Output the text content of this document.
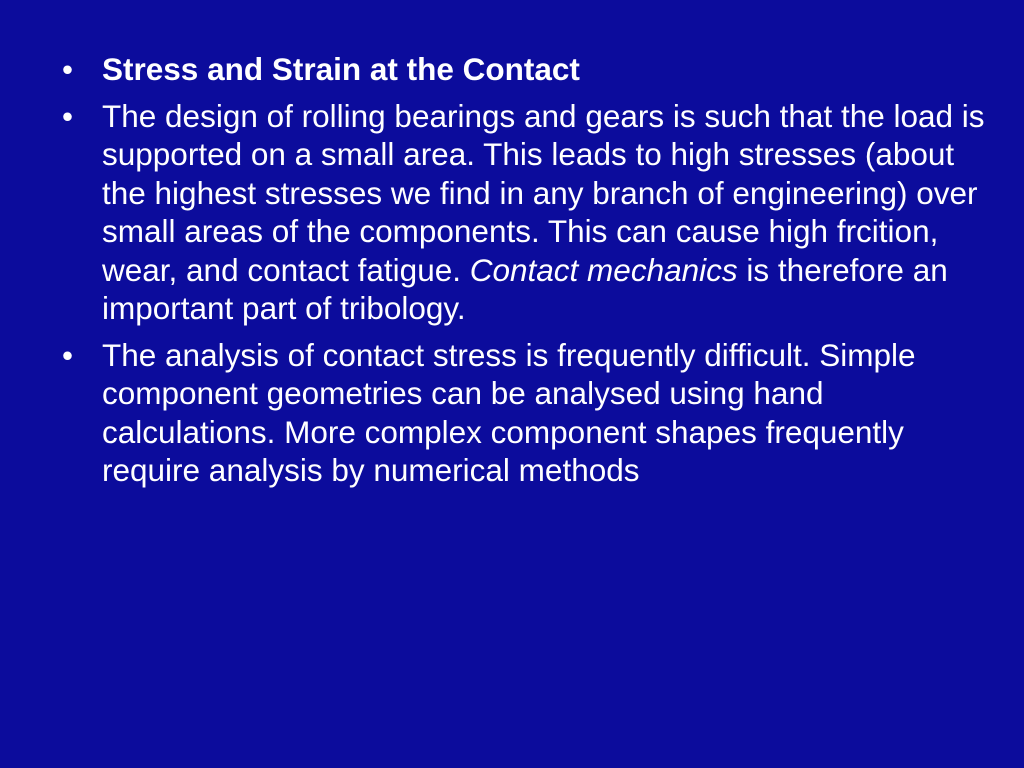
• Stress and Strain at the Contact
• The design of rolling bearings and gears is such that the load is supported on a small area. This leads to high stresses (about the highest stresses we find in any branch of engineering) over small areas of the components. This can cause high frcition, wear, and contact fatigue. Contact mechanics is therefore an important part of tribology.
• The analysis of contact stress is frequently difficult. Simple component geometries can be analysed using hand calculations. More complex component shapes frequently require analysis by numerical methods
